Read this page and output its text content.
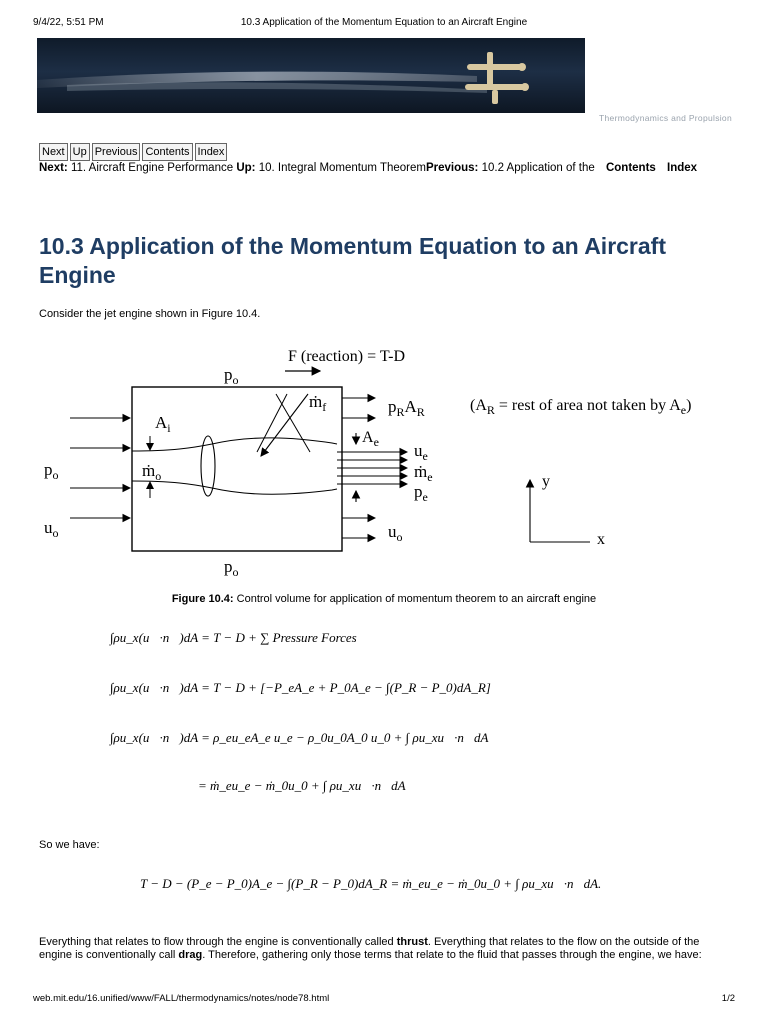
9/4/22, 5:51 PM	10.3 Application of the Momentum Equation to an Aircraft Engine
Thermodynamics and Propulsion
Next Up Previous Contents Index
Next: 11. Aircraft Engine Performance Up: 10. Integral Momentum TheoremPrevious: 10.2 Application of the Contents Index
10.3 Application of the Momentum Equation to an Aircraft Engine
Consider the jet engine shown in Figure 10.4.
F (reaction) = T-D
$p_o$
$p_o$
$p_o$
$u_o$
$A_i$
ṁ$_o$
ṁ$_f$	$p_RA_R$
$A_e$ $u_e$
ṁ$_e$
$p_e$
$u_o$
($A_R$ = rest of area not taken by $A_e$)
y
x
Figure 10.4: Control volume for application of momentum theorem to an aircraft engine
∫ρu_x(u⃗·n⃗)dA = T − D + ∑ Pressure Forces
∫ρu_x(u⃗·n⃗)dA = T − D + [−P_eA_e + P_0A_e − ∫(P_R − P_0)dA_R]
∫ρu_x(u⃗·n⃗)dA = ρ_eu_eA_e u_e − ρ_0u_0A_0 u_0 + ∫ ρu_xu⃗·n⃗dA
= ṁ_eu_e − ṁ_0u_0 + ∫ ρu_xu⃗·n⃗dA
So we have:
T − D − (P_e − P_0)A_e − ∫(P_R − P_0)dA_R = ṁ_eu_e − ṁ_0u_0 + ∫ ρu_xu⃗·n⃗dA.
Everything that relates to flow through the engine is conventionally called thrust. Everything that relates to the flow on the outside of the engine is conventionally call drag. Therefore, gathering only those terms that relate to the fluid that passes through the engine, we have:
web.mit.edu/16.unified/www/FALL/thermodynamics/notes/node78.html	1/2
